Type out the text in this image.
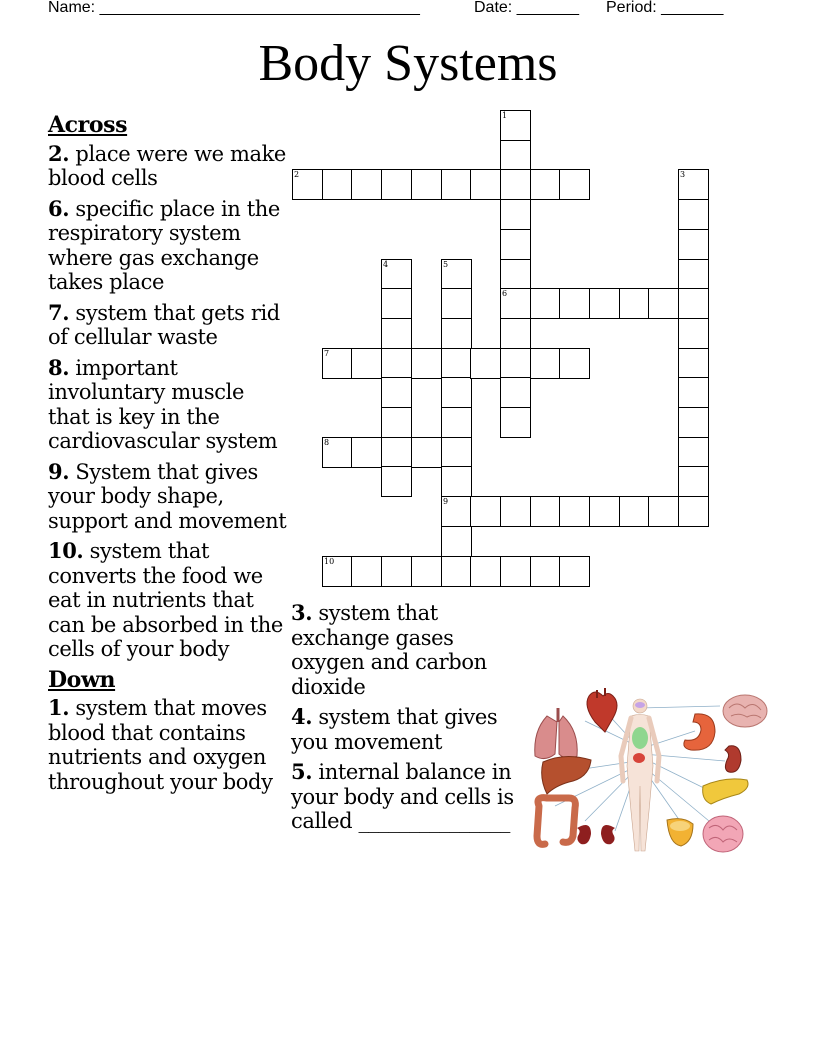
Name: ____________________________________	Date: _______ Period: _______
Body Systems
Across
2. place were we make blood cells
6. specific place in the respiratory system where gas exchange takes place
7. system that gets rid of cellular waste
8. important involuntary muscle that is key in the cardiovascular system
9. System that gives your body shape, support and movement
10. system that converts the food we eat in nutrients that can be absorbed in the cells of your body
Down
1. system that moves blood that contains nutrients and oxygen throughout your body
3. system that exchange gases oxygen and carbon dioxide
4. system that gives you movement
5. internal balance in your body and cells is called _______________
1
6
2	3
4	5
9
7
8
10
